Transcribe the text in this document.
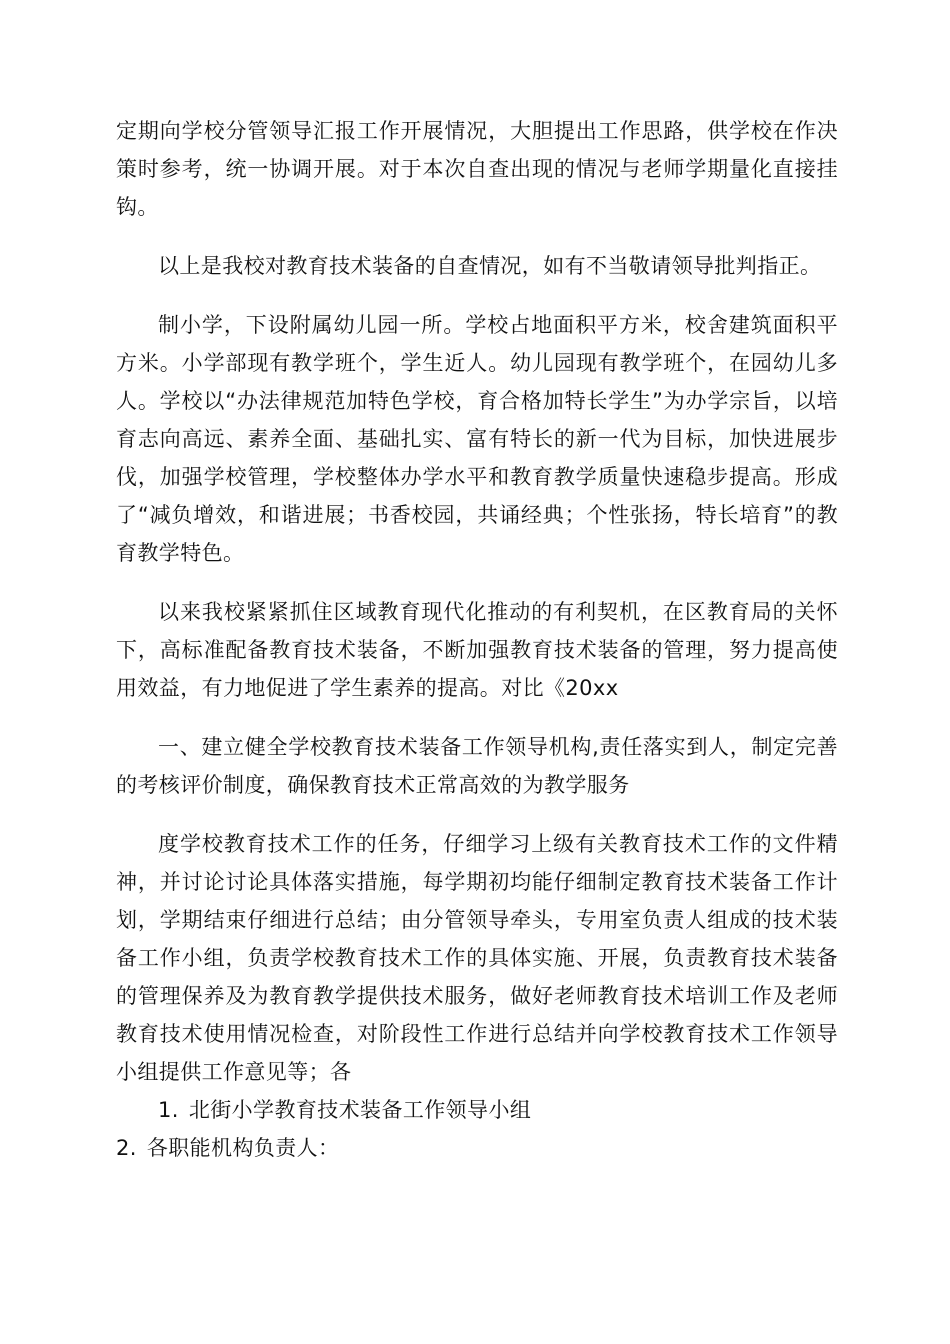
定期向学校分管领导汇报工作开展情况，大胆提出工作思路，供学校在作决策时参考，统一协调开展。对于本次自查出现的情况与老师学期量化直接挂钩。

以上是我校对教育技术装备的自查情况，如有不当敬请领导批判指正。

制小学，下设附属幼儿园一所。学校占地面积平方米，校舍建筑面积平方米。小学部现有教学班个，学生近人。幼儿园现有教学班个，在园幼儿多人。学校以“办法律规范加特色学校，育合格加特长学生”为办学宗旨，以培育志向高远、素养全面、基础扎实、富有特长的新一代为目标，加快进展步伐，加强学校管理，学校整体办学水平和教育教学质量快速稳步提高。形成了“减负增效，和谐进展；书香校园，共诵经典；个性张扬，特长培育”的教育教学特色。

以来我校紧紧抓住区域教育现代化推动的有利契机，在区教育局的关怀下，高标准配备教育技术装备，不断加强教育技术装备的管理，努力提高使用效益，有力地促进了学生素养的提高。对比《20xx

一、建立健全学校教育技术装备工作领导机构,责任落实到人，制定完善的考核评价制度，确保教育技术正常高效的为教学服务

度学校教育技术工作的任务，仔细学习上级有关教育技术工作的文件精神，并讨论讨论具体落实措施，每学期初均能仔细制定教育技术装备工作计划，学期结束仔细进行总结；由分管领导牵头，专用室负责人组成的技术装备工作小组，负责学校教育技术工作的具体实施、开展，负责教育技术装备的管理保养及为教育教学提供技术服务，做好老师教育技术培训工作及老师教育技术使用情况检查，对阶段性工作进行总结并向学校教育技术工作领导小组提供工作意见等；各

1. 北街小学教育技术装备工作领导小组

2. 各职能机构负责人：
